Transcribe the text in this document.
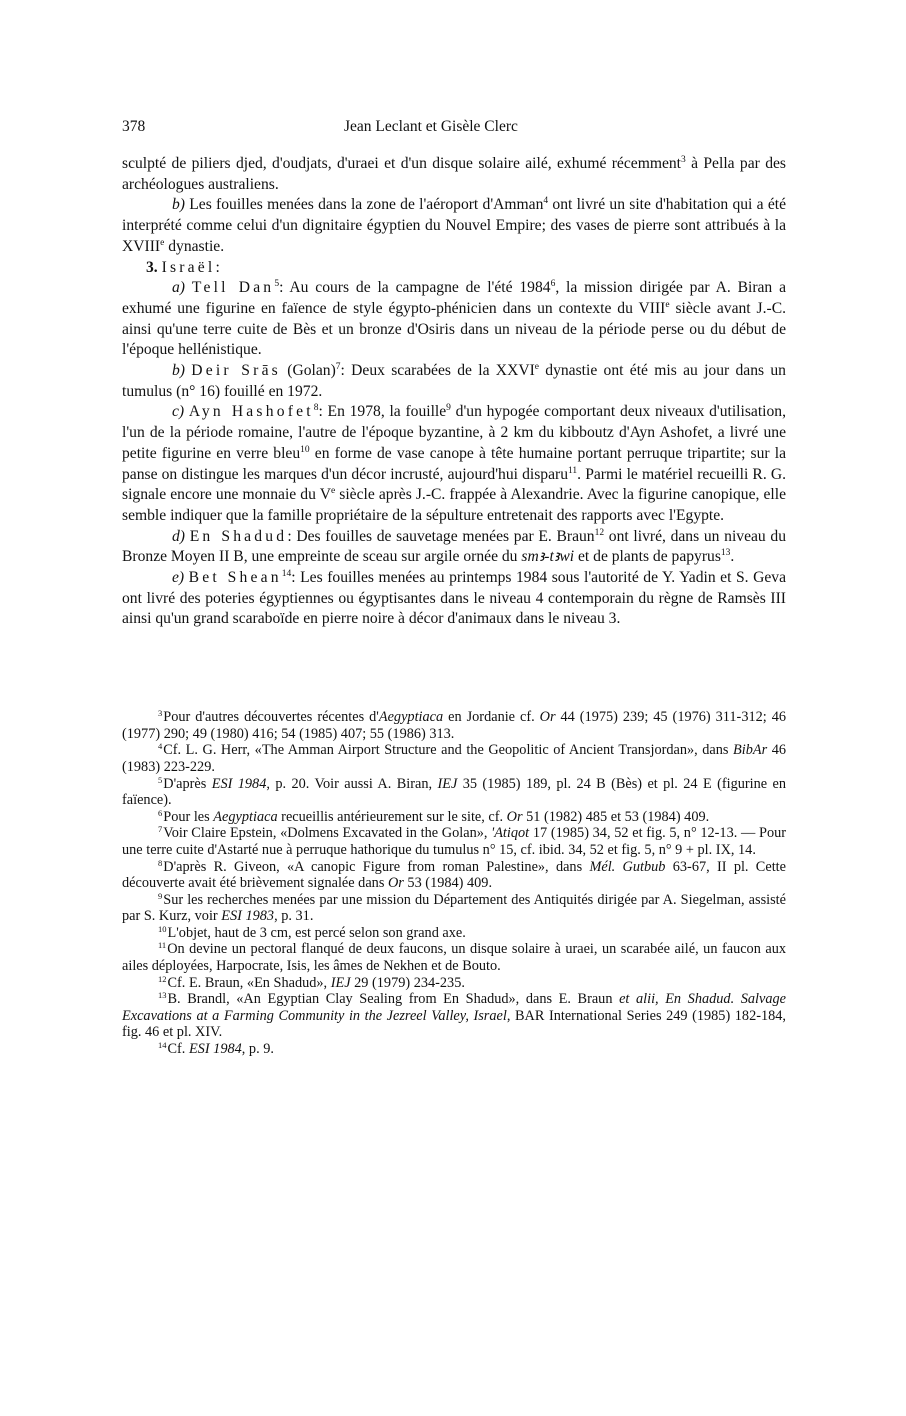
378	Jean Leclant et Gisèle Clerc

sculpté de piliers djed, d'oudjats, d'uraei et d'un disque solaire ailé, exhumé récemment$^3$ à Pella par des archéologues australiens.

b) Les fouilles menées dans la zone de l'aéroport d'Amman$^4$ ont livré un site d'habitation qui a été interprété comme celui d'un dignitaire égyptien du Nouvel Empire; des vases de pierre sont attribués à la XVIIIe dynastie.

3. Israël:

a) Tell Dan$^5$: Au cours de la campagne de l'été 1984$^6$, la mission dirigée par A. Biran a exhumé une figurine en faïence de style égypto-phénicien dans un contexte du VIIIe siècle avant J.-C. ainsi qu'une terre cuite de Bès et un bronze d'Osiris dans un niveau de la période perse ou du début de l'époque hellénistique.

b) Deir Srās (Golan)$^7$: Deux scarabées de la XXVIe dynastie ont été mis au jour dans un tumulus (n° 16) fouillé en 1972.

c) Ayn Hashofet$^8$: En 1978, la fouille$^9$ d'un hypogée comportant deux niveaux d'utilisation, l'un de la période romaine, l'autre de l'époque byzantine, à 2 km du kibboutz d'Ayn Ashofet, a livré une petite figurine en verre bleu$^{10}$ en forme de vase canope à tête humaine portant perruque tripartite; sur la panse on distingue les marques d'un décor incrusté, aujourd'hui disparu$^{11}$. Parmi le matériel recueilli R. G. signale encore une monnaie du Ve siècle après J.-C. frappée à Alexandrie. Avec la figurine canopique, elle semble indiquer que la famille propriétaire de la sépulture entretenait des rapports avec l'Egypte.

d) En Shadud: Des fouilles de sauvetage menées par E. Braun$^{12}$ ont livré, dans un niveau du Bronze Moyen II B, une empreinte de sceau sur argile ornée du smꜣ-tꜣwi et de plants de papyrus$^{13}$.

e) Bet Shean$^{14}$: Les fouilles menées au printemps 1984 sous l'autorité de Y. Yadin et S. Geva ont livré des poteries égyptiennes ou égyptisantes dans le niveau 4 contemporain du règne de Ramsès III ainsi qu'un grand scaraboïde en pierre noire à décor d'animaux dans le niveau 3.

$^3$Pour d'autres découvertes récentes d'Aegyptiaca en Jordanie cf. Or 44 (1975) 239; 45 (1976) 311-312; 46 (1977) 290; 49 (1980) 416; 54 (1985) 407; 55 (1986) 313.

$^4$Cf. L. G. Herr, «The Amman Airport Structure and the Geopolitic of Ancient Transjordan», dans BibAr 46 (1983) 223-229.

$^5$D'après ESI 1984, p. 20. Voir aussi A. Biran, IEJ 35 (1985) 189, pl. 24 B (Bès) et pl. 24 E (figurine en faïence).

$^6$Pour les Aegyptiaca recueillis antérieurement sur le site, cf. Or 51 (1982) 485 et 53 (1984) 409.

$^7$Voir Claire Epstein, «Dolmens Excavated in the Golan», 'Atiqot 17 (1985) 34, 52 et fig. 5, n° 12-13. — Pour une terre cuite d'Astarté nue à perruque hathorique du tumulus n° 15, cf. ibid. 34, 52 et fig. 5, n° 9 + pl. IX, 14.

$^8$D'après R. Giveon, «A canopic Figure from roman Palestine», dans Mél. Gutbub 63-67, II pl. Cette découverte avait été brièvement signalée dans Or 53 (1984) 409.

$^9$Sur les recherches menées par une mission du Département des Antiquités dirigée par A. Siegelman, assisté par S. Kurz, voir ESI 1983, p. 31.

$^{10}$L'objet, haut de 3 cm, est percé selon son grand axe.

$^{11}$On devine un pectoral flanqué de deux faucons, un disque solaire à uraei, un scarabée ailé, un faucon aux ailes déployées, Harpocrate, Isis, les âmes de Nekhen et de Bouto.

$^{12}$Cf. E. Braun, «En Shadud», IEJ 29 (1979) 234-235.

$^{13}$B. Brandl, «An Egyptian Clay Sealing from En Shadud», dans E. Braun et alii, En Shadud. Salvage Excavations at a Farming Community in the Jezreel Valley, Israel, BAR International Series 249 (1985) 182-184, fig. 46 et pl. XIV.

$^{14}$Cf. ESI 1984, p. 9.
